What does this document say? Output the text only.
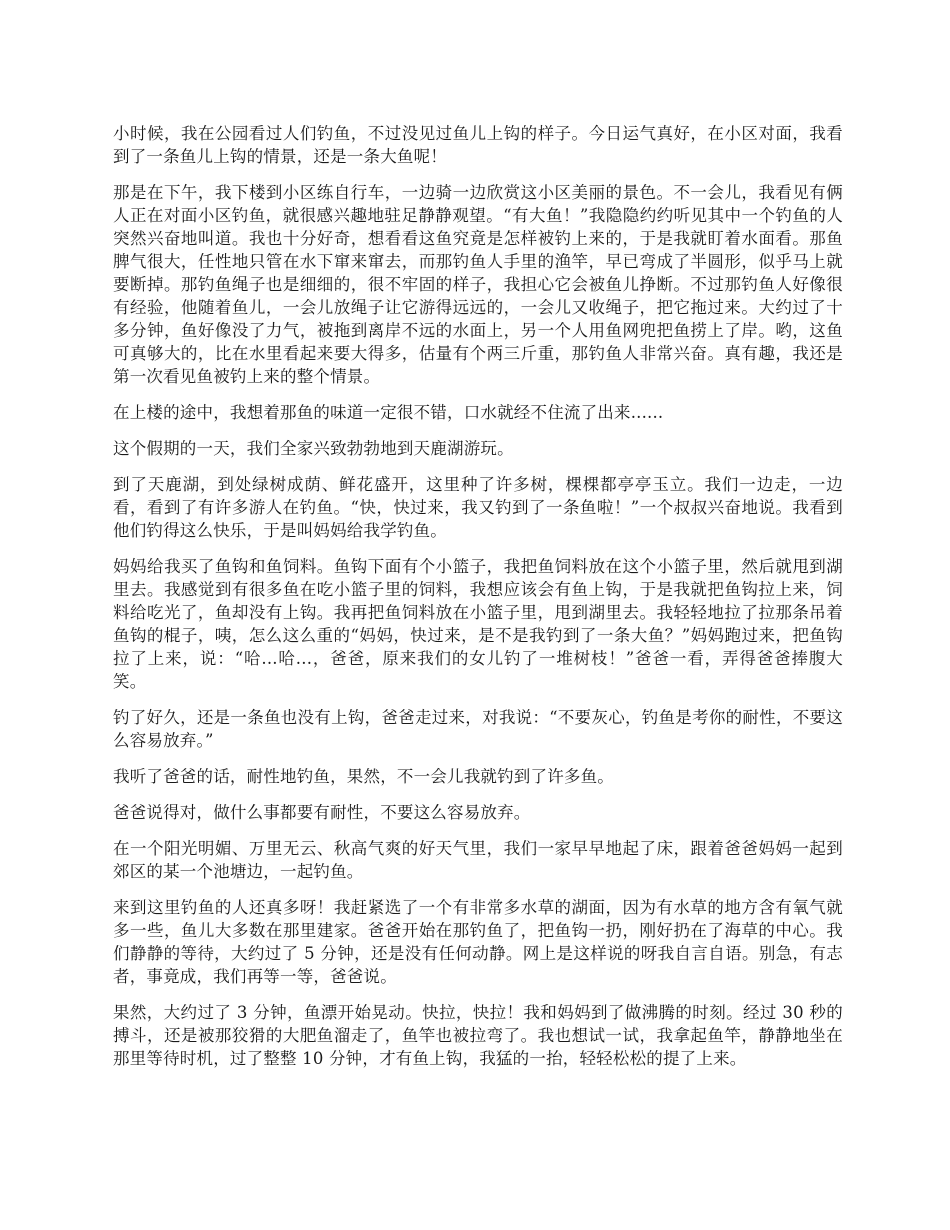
小时候，我在公园看过人们钓鱼，不过没见过鱼儿上钩的样子。今日运气真好，在小区对面，我看到了一条鱼儿上钩的情景，还是一条大鱼呢！

那是在下午，我下楼到小区练自行车，一边骑一边欣赏这小区美丽的景色。不一会儿，我看见有俩人正在对面小区钓鱼，就很感兴趣地驻足静静观望。“有大鱼！”我隐隐约约听见其中一个钓鱼的人突然兴奋地叫道。我也十分好奇，想看看这鱼究竟是怎样被钓上来的，于是我就盯着水面看。那鱼脾气很大，任性地只管在水下窜来窜去，而那钓鱼人手里的渔竿，早已弯成了半圆形，似乎马上就要断掉。那钓鱼绳子也是细细的，很不牢固的样子，我担心它会被鱼儿挣断。不过那钓鱼人好像很有经验，他随着鱼儿，一会儿放绳子让它游得远远的，一会儿又收绳子，把它拖过来。大约过了十多分钟，鱼好像没了力气，被拖到离岸不远的水面上，另一个人用鱼网兜把鱼捞上了岸。哟，这鱼可真够大的，比在水里看起来要大得多，估量有个两三斤重，那钓鱼人非常兴奋。真有趣，我还是第一次看见鱼被钓上来的整个情景。

在上楼的途中，我想着那鱼的味道一定很不错，口水就经不住流了出来......

这个假期的一天，我们全家兴致勃勃地到天鹿湖游玩。

到了天鹿湖，到处绿树成荫、鲜花盛开，这里种了许多树，棵棵都亭亭玉立。我们一边走，一边看，看到了有许多游人在钓鱼。“快，快过来，我又钓到了一条鱼啦！”一个叔叔兴奋地说。我看到他们钓得这么快乐，于是叫妈妈给我学钓鱼。

妈妈给我买了鱼钩和鱼饲料。鱼钩下面有个小篮子，我把鱼饲料放在这个小篮子里，然后就甩到湖里去。我感觉到有很多鱼在吃小篮子里的饲料，我想应该会有鱼上钩，于是我就把鱼钩拉上来，饲料给吃光了，鱼却没有上钩。我再把鱼饲料放在小篮子里，甩到湖里去。我轻轻地拉了拉那条吊着鱼钩的棍子，咦，怎么这么重的“妈妈，快过来，是不是我钓到了一条大鱼？”妈妈跑过来，把鱼钩拉了上来，说：“哈...哈...，爸爸，原来我们的女儿钓了一堆树枝！”爸爸一看，弄得爸爸捧腹大笑。

钓了好久，还是一条鱼也没有上钩，爸爸走过来，对我说：“不要灰心，钓鱼是考你的耐性，不要这么容易放弃。”

我听了爸爸的话，耐性地钓鱼，果然，不一会儿我就钓到了许多鱼。

爸爸说得对，做什么事都要有耐性，不要这么容易放弃。

在一个阳光明媚、万里无云、秋高气爽的好天气里，我们一家早早地起了床，跟着爸爸妈妈一起到郊区的某一个池塘边，一起钓鱼。

来到这里钓鱼的人还真多呀！我赶紧选了一个有非常多水草的湖面，因为有水草的地方含有氧气就多一些，鱼儿大多数在那里建家。爸爸开始在那钓鱼了，把鱼钩一扔，刚好扔在了海草的中心。我们静静的等待，大约过了 5 分钟，还是没有任何动静。网上是这样说的呀我自言自语。别急，有志者，事竟成，我们再等一等，爸爸说。

果然，大约过了 3 分钟，鱼漂开始晃动。快拉，快拉！我和妈妈到了做沸腾的时刻。经过 30 秒的搏斗，还是被那狡猾的大肥鱼溜走了，鱼竿也被拉弯了。我也想试一试，我拿起鱼竿，静静地坐在那里等待时机，过了整整 10 分钟，才有鱼上钩，我猛的一抬，轻轻松松的提了上来。
